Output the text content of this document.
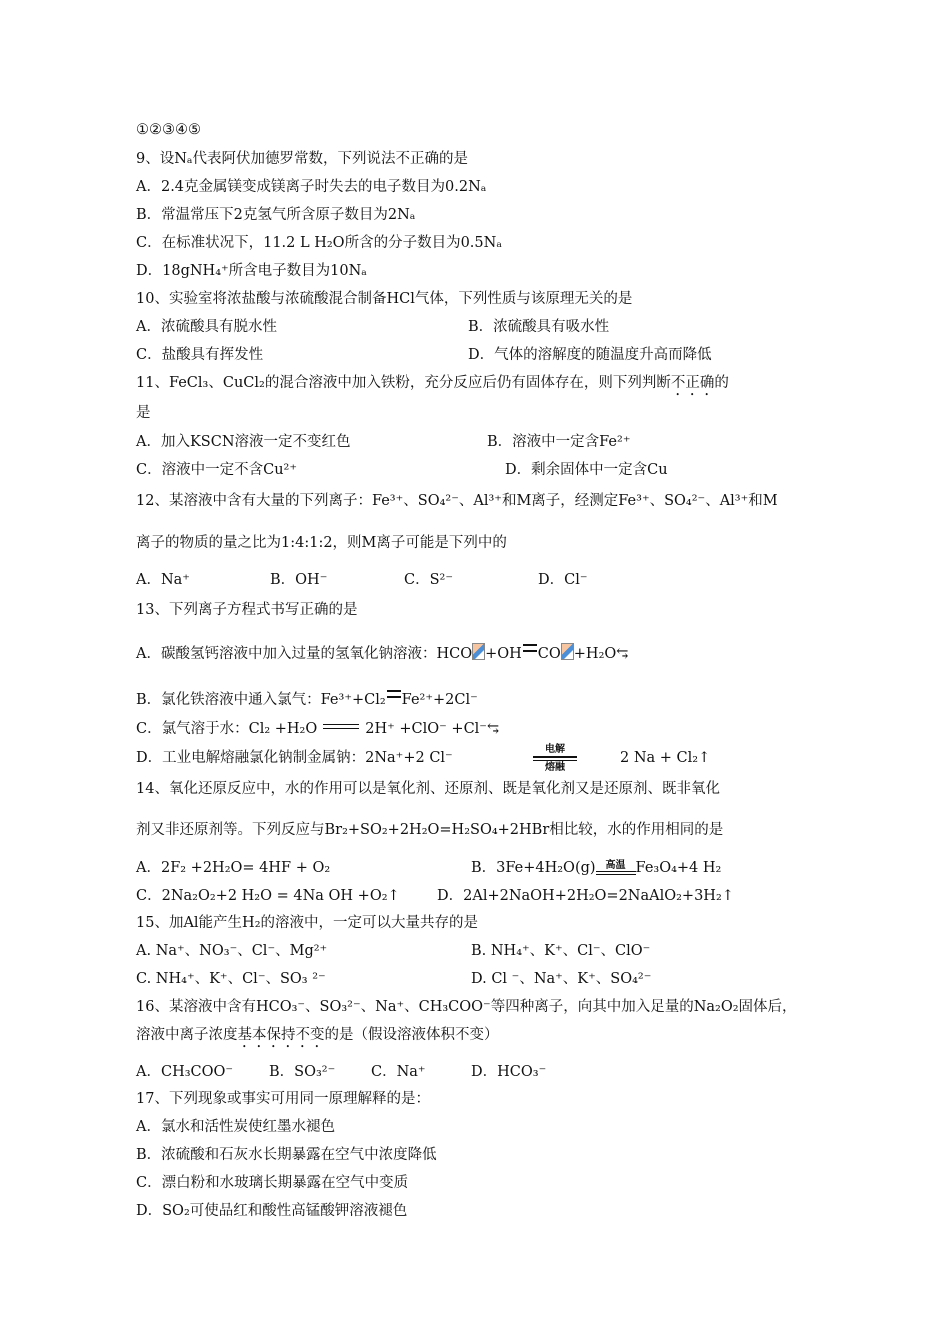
①②③④⑤
9、设Nₐ代表阿伏加德罗常数，下列说法不正确的是
A．2.4克金属镁变成镁离子时失去的电子数目为0.2Nₐ
B．常温常压下2克氢气所含原子数目为2Nₐ
C．在标准状况下，11.2 L H₂O所含的分子数目为0.5Nₐ
D．18gNH₄⁺所含电子数目为10Nₐ
10、实验室将浓盐酸与浓硫酸混合制备HCl气体，下列性质与该原理无关的是
A．浓硫酸具有脱水性	B．浓硫酸具有吸水性
C．盐酸具有挥发性	D．气体的溶解度的随温度升高而降低
11、FeCl₃、CuCl₂的混合溶液中加入铁粉，充分反应后仍有固体存在，则下列判断不正确的
是
A．加入KSCN溶液一定不变红色	B．溶液中一定含Fe²⁺
C．溶液中一定不含Cu²⁺	D．剩余固体中一定含Cu
12、某溶液中含有大量的下列离子：Fe³⁺、SO₄²⁻、Al³⁺和M离子，经测定Fe³⁺、SO₄²⁻、Al³⁺和M
离子的物质的量之比为1:4:1:2，则M离子可能是下列中的
A．Na⁺	B．OH⁻	C．S²⁻	D．Cl⁻
13、下列离子方程式书写正确的是
A．碳酸氢钙溶液中加入过量的氢氧化钠溶液：HCO +OH CO +H₂O⥃
B．氯化铁溶液中通入氯气：Fe³⁺+Cl₂ Fe²⁺+2Cl⁻
C．氯气溶于水：Cl₂ +H₂O	2H⁺ +ClO⁻ +Cl⁻⥃
D．工业电解熔融氯化钠制金属钠：2Na⁺+2 Cl⁻
电解
熔融
2 Na + Cl₂↑
14、氧化还原反应中，水的作用可以是氧化剂、还原剂、既是氧化剂又是还原剂、既非氧化
剂又非还原剂等。下列反应与Br₂+SO₂+2H₂O=H₂SO₄+2HBr相比较，水的作用相同的是
A．2F₂ +2H₂O= 4HF + O₂	B．3Fe+4H₂O(g) 高温 Fe₃O₄+4 H₂
C．2Na₂O₂+2 H₂O = 4Na OH +O₂↑	D．2Al+2NaOH+2H₂O=2NaAlO₂+3H₂↑
15、加Al能产生H₂的溶液中，一定可以大量共存的是
A. Na⁺、NO₃⁻、Cl⁻、Mg²⁺	B. NH₄⁺、K⁺、Cl⁻、ClO⁻
C. NH₄⁺、K⁺、Cl⁻、SO₃ ²⁻	D. Cl ⁻、Na⁺、K⁺、SO₄²⁻
16、某溶液中含有HCO₃⁻、SO₃²⁻、Na⁺、CH₃COO⁻等四种离子，向其中加入足量的Na₂O₂固体后，
溶液中离子浓度基本保持不变的是（假设溶液体积不变）
A．CH₃COO⁻ B．SO₃²⁻ C．Na⁺	D．HCO₃⁻
17、下列现象或事实可用同一原理解释的是：
A．氯水和活性炭使红墨水褪色
B．浓硫酸和石灰水长期暴露在空气中浓度降低
C．漂白粉和水玻璃长期暴露在空气中变质
D．SO₂可使品红和酸性高锰酸钾溶液褪色
